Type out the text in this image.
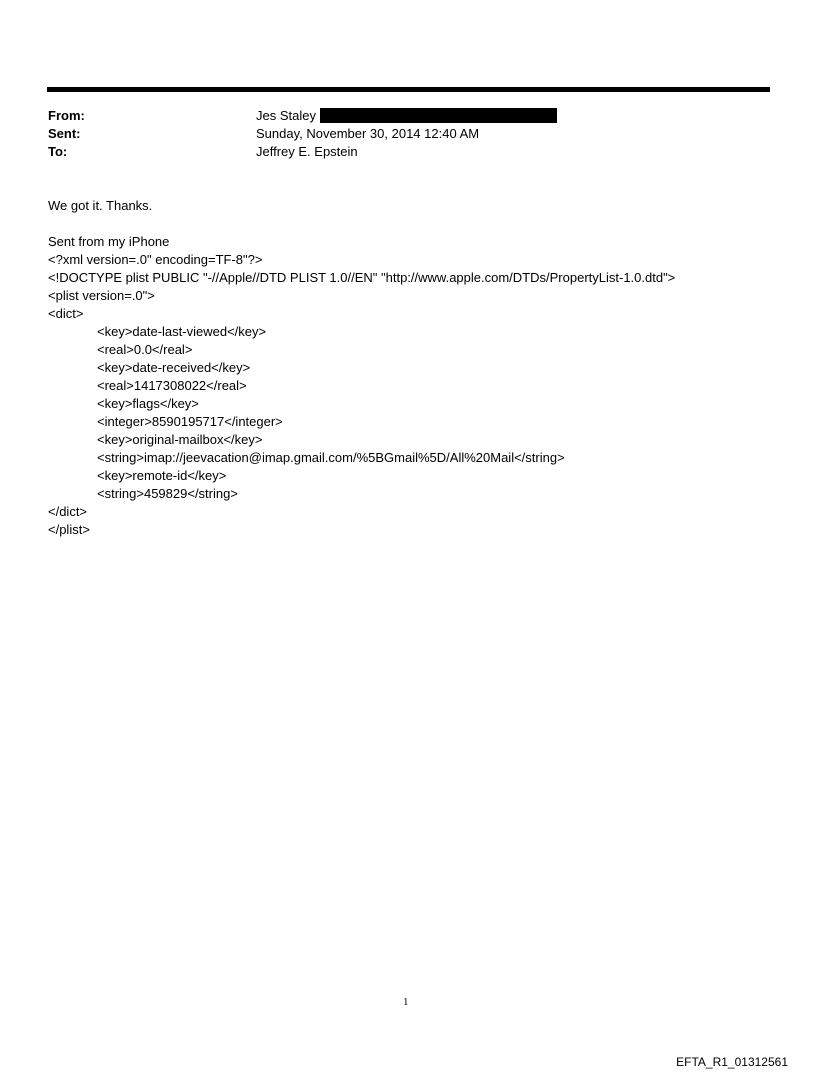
From:	Jes Staley
Sent:	Sunday, November 30, 2014 12:40 AM
To:	Jeffrey E. Epstein
We got it. Thanks.
Sent from my iPhone
<?xml version=.0" encoding=TF-8"?>
<!DOCTYPE plist PUBLIC "-//Apple//DTD PLIST 1.0//EN" "http://www.apple.com/DTDs/PropertyList-1.0.dtd">
<plist version=.0">
<dict>
<key>date-last-viewed</key>
<real>0.0</real>
<key>date-received</key>
<real>1417308022</real>
<key>flags</key>
<integer>8590195717</integer>
<key>original-mailbox</key>
<string>imap://jeevacation@imap.gmail.com/%5BGmail%5D/All%20Mail</string>
<key>remote-id</key>
<string>459829</string>
</dict>
</plist>
1
EFTA_R1_01312561
